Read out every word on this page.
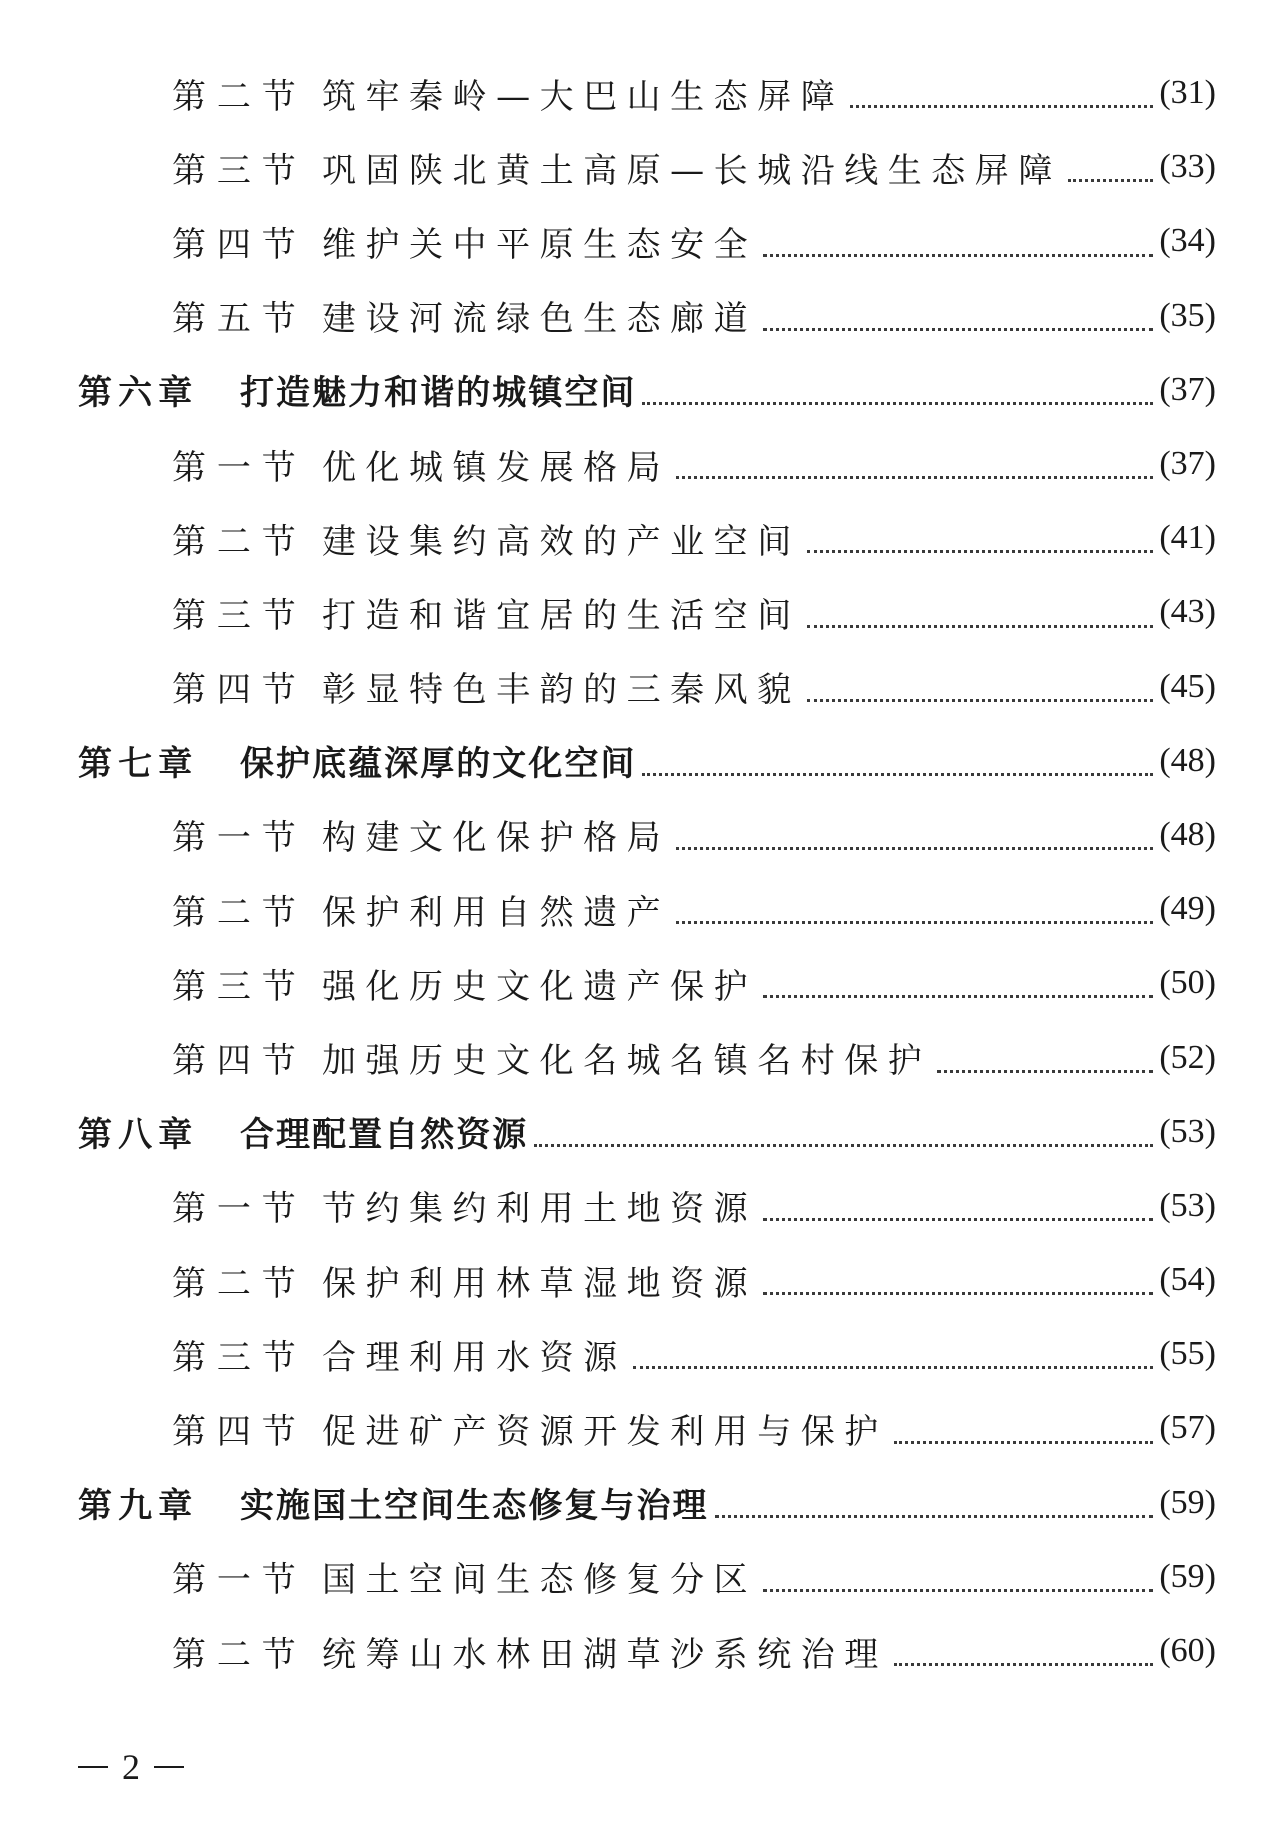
第二节 筑牢秦岭—大巴山生态屏障	(31)
第三节 巩固陕北黄土高原—长城沿线生态屏障	(33)
第四节 维护关中平原生态安全	(34)
第五节 建设河流绿色生态廊道	(35)
第六章	打造魅力和谐的城镇空间	(37)
第一节 优化城镇发展格局	(37)
第二节 建设集约高效的产业空间	(41)
第三节 打造和谐宜居的生活空间	(43)
第四节 彰显特色丰韵的三秦风貌	(45)
第七章	保护底蕴深厚的文化空间	(48)
第一节 构建文化保护格局	(48)
第二节 保护利用自然遗产	(49)
第三节 强化历史文化遗产保护	(50)
第四节 加强历史文化名城名镇名村保护	(52)
第八章	合理配置自然资源	(53)
第一节 节约集约利用土地资源	(53)
第二节 保护利用林草湿地资源	(54)
第三节 合理利用水资源	(55)
第四节 促进矿产资源开发利用与保护	(57)
第九章	实施国土空间生态修复与治理	(59)
第一节 国土空间生态修复分区	(59)
第二节 统筹山水林田湖草沙系统治理	(60)
2
